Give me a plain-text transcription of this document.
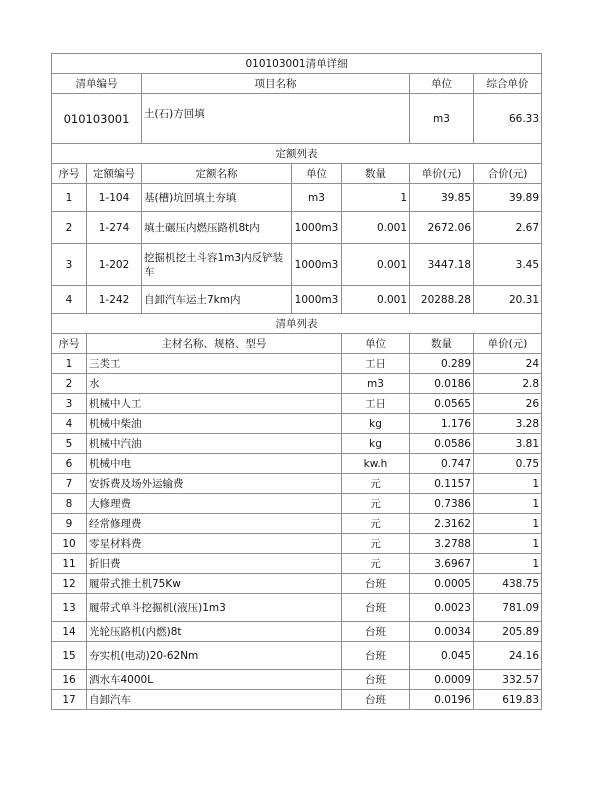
010103001清单详细							
清单编号		项目名称			单位	综合单价	
010103001		土(石)方回填			m3	66.33	
定额列表							
序号	定额编号	定额名称	单位	数量	单价(元)	合价(元)	
1	1-104	基(槽)坑回填土夯填	m3	1	39.85	39.89	
2	1-274	填土碾压内燃压路机8t内	1000m3	0.001	2672.06	2.67	
3	1-202	挖掘机挖土斗容1m3内反铲装车	1000m3	0.001	3447.18	3.45	
4	1-242	自卸汽车运土7km内	1000m3	0.001	20288.28	20.31	
清单列表							
序号	主材名称、规格、型号			单位	数量	单价(元)	
1	三类工			工日	0.289	24	
2	水			m3	0.0186	2.8	
3	机械中人工			工日	0.0565	26	
4	机械中柴油			kg	1.176	3.28	
5	机械中汽油			kg	0.0586	3.81	
6	机械中电			kw.h	0.747	0.75	
7	安拆费及场外运输费			元	0.1157	1	
8	大修理费			元	0.7386	1	
9	经常修理费			元	2.3162	1	
10	零星材料费			元	3.2788	1	
11	折旧费			元	3.6967	1	
12	履带式推土机75Kw			台班	0.0005	438.75	
13	履带式单斗挖掘机(液压)1m3			台班	0.0023	781.09	
14	光轮压路机(内燃)8t			台班	0.0034	205.89	
15	夯实机(电动)20-62Nm			台班	0.045	24.16	
16	洒水车4000L			台班	0.0009	332.57	
17	自卸汽车			台班	0.0196	619.83	
